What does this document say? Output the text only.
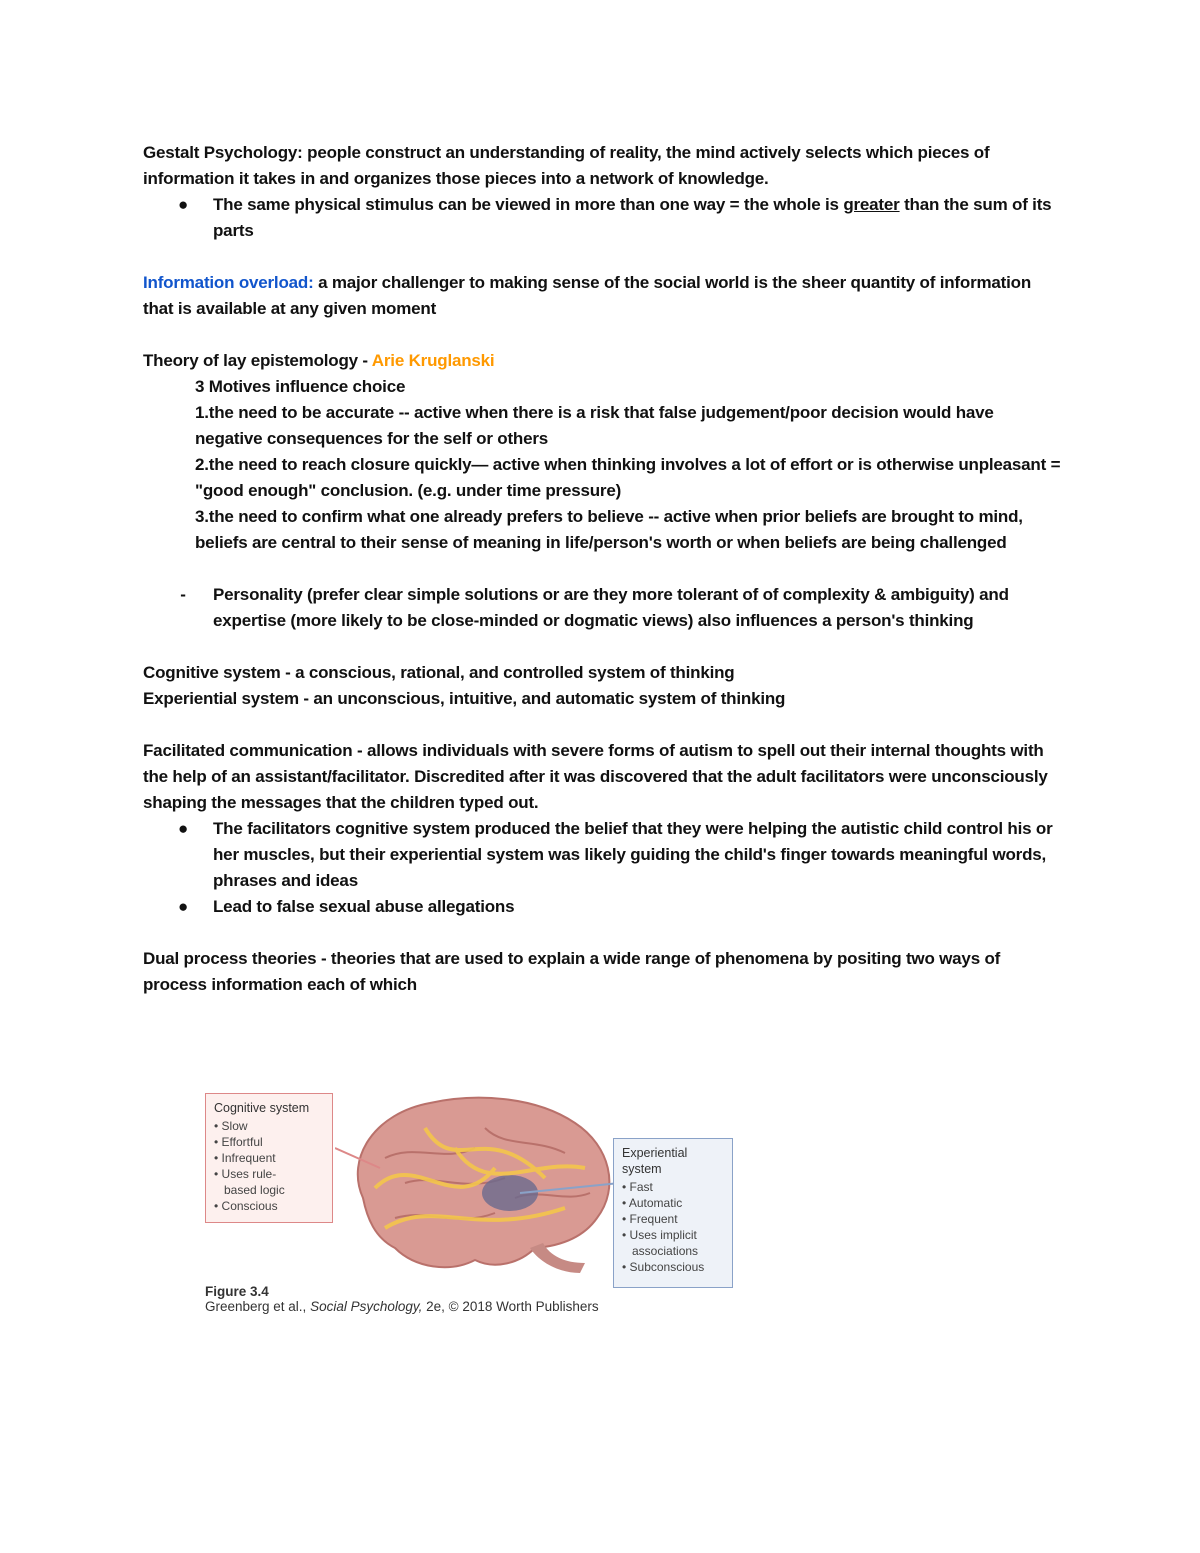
Gestalt Psychology: people construct an understanding of reality, the mind actively selects which pieces of information it takes in and organizes those pieces into a network of knowledge.

● The same physical stimulus can be viewed in more than one way = the whole is greater than the sum of its parts

Information overload: a major challenger to making sense of the social world is the sheer quantity of information that is available at any given moment

Theory of lay epistemology - Arie Kruglanski

3 Motives influence choice

1.the need to be accurate -- active when there is a risk that false judgement/poor decision would have negative consequences for the self or others

2.the need to reach closure quickly— active when thinking involves a lot of effort or is otherwise unpleasant = "good enough" conclusion. (e.g. under time pressure)

3.the need to confirm what one already prefers to believe -- active when prior beliefs are brought to mind, beliefs are central to their sense of meaning in life/person's worth or when beliefs are being challenged

-	Personality (prefer clear simple solutions or are they more tolerant of of complexity & ambiguity) and expertise (more likely to be close-minded or dogmatic views) also influences a person's thinking

Cognitive system - a conscious, rational, and controlled system of thinking

Experiential system - an unconscious, intuitive, and automatic system of thinking

Facilitated communication - allows individuals with severe forms of autism to spell out their internal thoughts with the help of an assistant/facilitator. Discredited after it was discovered that the adult facilitators were unconsciously shaping the messages that the children typed out.

● The facilitators cognitive system produced the belief that they were helping the autistic child control his or her muscles, but their experiential system was likely guiding the child's finger towards meaningful words, phrases and ideas
● Lead to false sexual abuse allegations

Dual process theories - theories that are used to explain a wide range of phenomena by positing two ways of process information each of which

Cognitive system
• Slow
• Effortful
• Infrequent
• Uses rule-
based logic
• Conscious
Experiential system
• Fast
• Automatic
• Frequent
• Uses implicit
associations
• Subconscious
Figure 3.4
Greenberg et al., Social Psychology, 2e, © 2018 Worth Publishers
